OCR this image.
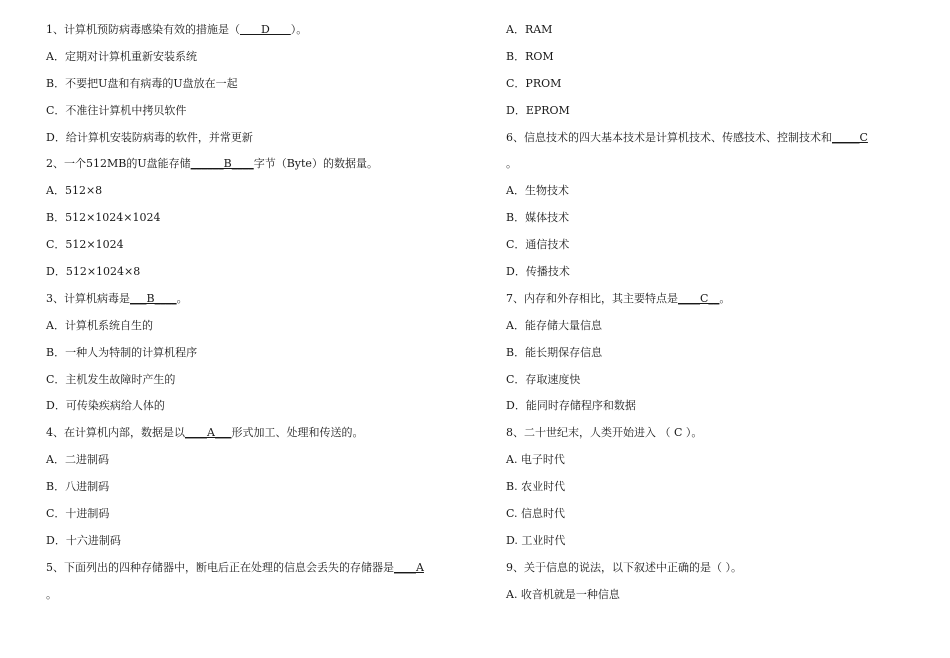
1、计算机预防病毒感染有效的措施是（      D      ）。
A．定期对计算机重新安装系统
B．不要把U盘和有病毒的U盘放在一起
C．不准往计算机中拷贝软件
D．给计算机安装防病毒的软件，并常更新
2、一个512MB的U盘能存储______B____字节（Byte）的数据量。
A．512×8
B．512×1024×1024
C．512×1024
D．512×1024×8
3、计算机病毒是___B____。
A．计算机系统自生的
B．一种人为特制的计算机程序
C．主机发生故障时产生的
D．可传染疾病给人体的
4、在计算机内部，数据是以____A___形式加工、处理和传送的。
A．二进制码
B．八进制码
C．十进制码
D．十六进制码
5、下面列出的四种存储器中，断电后正在处理的信息会丢失的存储器是____A
。
A．RAM
B．ROM
C．PROM
D．EPROM
6、信息技术的四大基本技术是计算机技术、传感技术、控制技术和_____C
。
A．生物技术
B．媒体技术
C．通信技术
D．传播技术
7、内存和外存相比，其主要特点是____C__。
A．能存储大量信息
B．能长期保存信息
C．存取速度快
D．能同时存储程序和数据
8、二十世纪末，人类开始进入 （ C ）。
A. 电子时代
B. 农业时代
C. 信息时代
D. 工业时代
9、关于信息的说法，以下叙述中正确的是（ ）。
A. 收音机就是一种信息
